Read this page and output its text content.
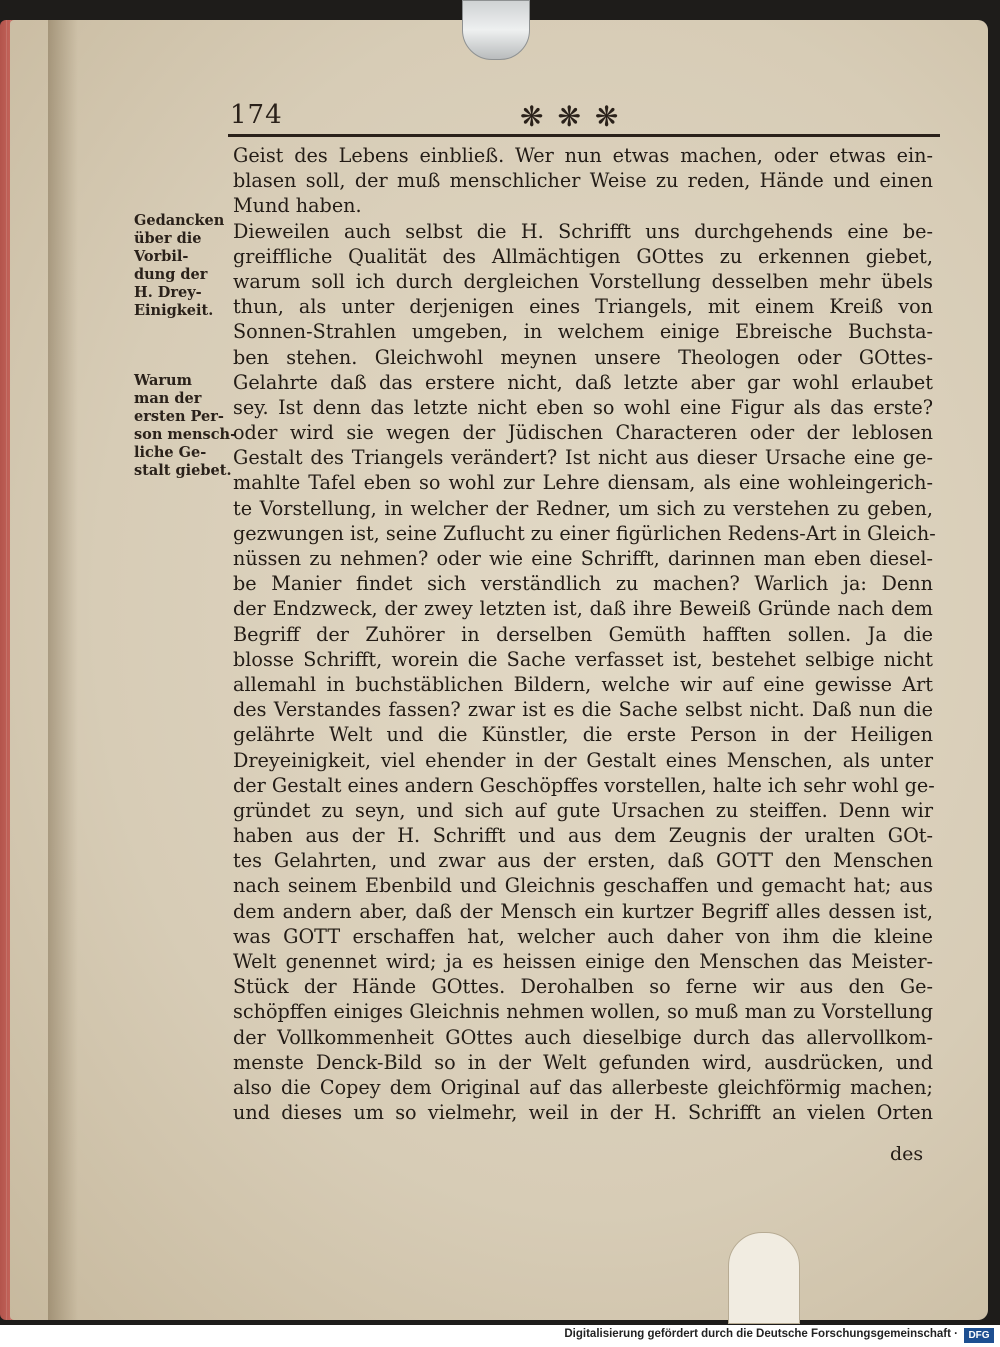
174	❋❋❋
Gedancken
über die
Vorbil-
dung der
H. Drey-
Einigkeit.
Warum
man der
ersten Per-
son mensch-
liche Ge-
stalt giebet.
Geist des Lebens einbließ. Wer nun etwas machen, oder etwas ein-
blasen soll, der muß menschlicher Weise zu reden, Hände und einen
Mund haben.
Dieweilen auch selbst die H. Schrifft uns durchgehends eine be-
greiffliche Qualität des Allmächtigen GOttes zu erkennen giebet,
warum soll ich durch dergleichen Vorstellung desselben mehr übels
thun, als unter derjenigen eines Triangels, mit einem Kreiß von
Sonnen-Strahlen umgeben, in welchem einige Ebreische Buchsta-
ben stehen. Gleichwohl meynen unsere Theologen oder GOttes-
Gelahrte daß das erstere nicht, daß letzte aber gar wohl erlaubet
sey. Ist denn das letzte nicht eben so wohl eine Figur als das erste?
oder wird sie wegen der Jüdischen Characteren oder der leblosen
Gestalt des Triangels verändert? Ist nicht aus dieser Ursache eine ge-
mahlte Tafel eben so wohl zur Lehre diensam, als eine wohleingerich-
te Vorstellung, in welcher der Redner, um sich zu verstehen zu geben,
gezwungen ist, seine Zuflucht zu einer figürlichen Redens-Art in Gleich-
nüssen zu nehmen? oder wie eine Schrifft, darinnen man eben diesel-
be Manier findet sich verständlich zu machen? Warlich ja: Denn
der Endzweck, der zwey letzten ist, daß ihre Beweiß Gründe nach dem
Begriff der Zuhörer in derselben Gemüth hafften sollen. Ja die
blosse Schrifft, worein die Sache verfasset ist, bestehet selbige nicht
allemahl in buchstäblichen Bildern, welche wir auf eine gewisse Art
des Verstandes fassen? zwar ist es die Sache selbst nicht. Daß nun die
gelährte Welt und die Künstler, die erste Person in der Heiligen
Dreyeinigkeit, viel ehender in der Gestalt eines Menschen, als unter
der Gestalt eines andern Geschöpffes vorstellen, halte ich sehr wohl ge-
gründet zu seyn, und sich auf gute Ursachen zu steiffen. Denn wir
haben aus der H. Schrifft und aus dem Zeugnis der uralten GOt-
tes Gelahrten, und zwar aus der ersten, daß GOTT den Menschen
nach seinem Ebenbild und Gleichnis geschaffen und gemacht hat; aus
dem andern aber, daß der Mensch ein kurtzer Begriff alles dessen ist,
was GOTT erschaffen hat, welcher auch daher von ihm die kleine
Welt genennet wird; ja es heissen einige den Menschen das Meister-
Stück der Hände GOttes. Derohalben so ferne wir aus den Ge-
schöpffen einiges Gleichnis nehmen wollen, so muß man zu Vorstellung
der Vollkommenheit GOttes auch dieselbige durch das allervollkom-
menste Denck-Bild so in der Welt gefunden wird, ausdrücken, und
also die Copey dem Original auf das allerbeste gleichförmig machen;
und dieses um so vielmehr, weil in der H. Schrifft an vielen Orten
des
Digitalisierung gefördert durch die Deutsche Forschungsgemeinschaft ·	DFG
